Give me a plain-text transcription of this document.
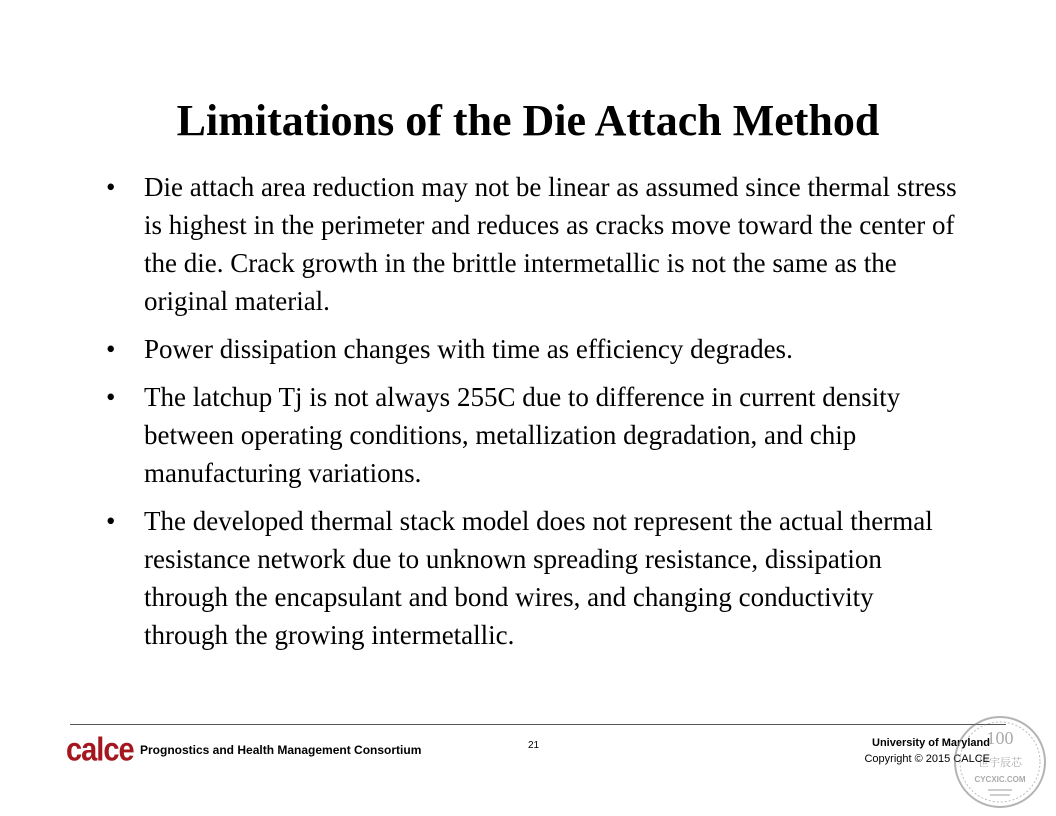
Limitations of the Die Attach Method
• Die attach area reduction may not be linear as assumed since thermal stress is highest in the perimeter and reduces as cracks move toward the center of the die. Crack growth in the brittle intermetallic is not the same as the original material.
• Power dissipation changes with time as efficiency degrades.
• The latchup Tj is not always 255C due to difference in current density between operating conditions, metallization degradation, and chip manufacturing variations.
• The developed thermal stack model does not represent the actual thermal resistance network due to unknown spreading resistance, dissipation through the encapsulant and bond wires, and changing conductivity through the growing intermetallic.
calce Prognostics and Health Management Consortium	21	University of Maryland
Copyright © 2015 CALCE
100
世宇辰芯
CYCXIC.COM
